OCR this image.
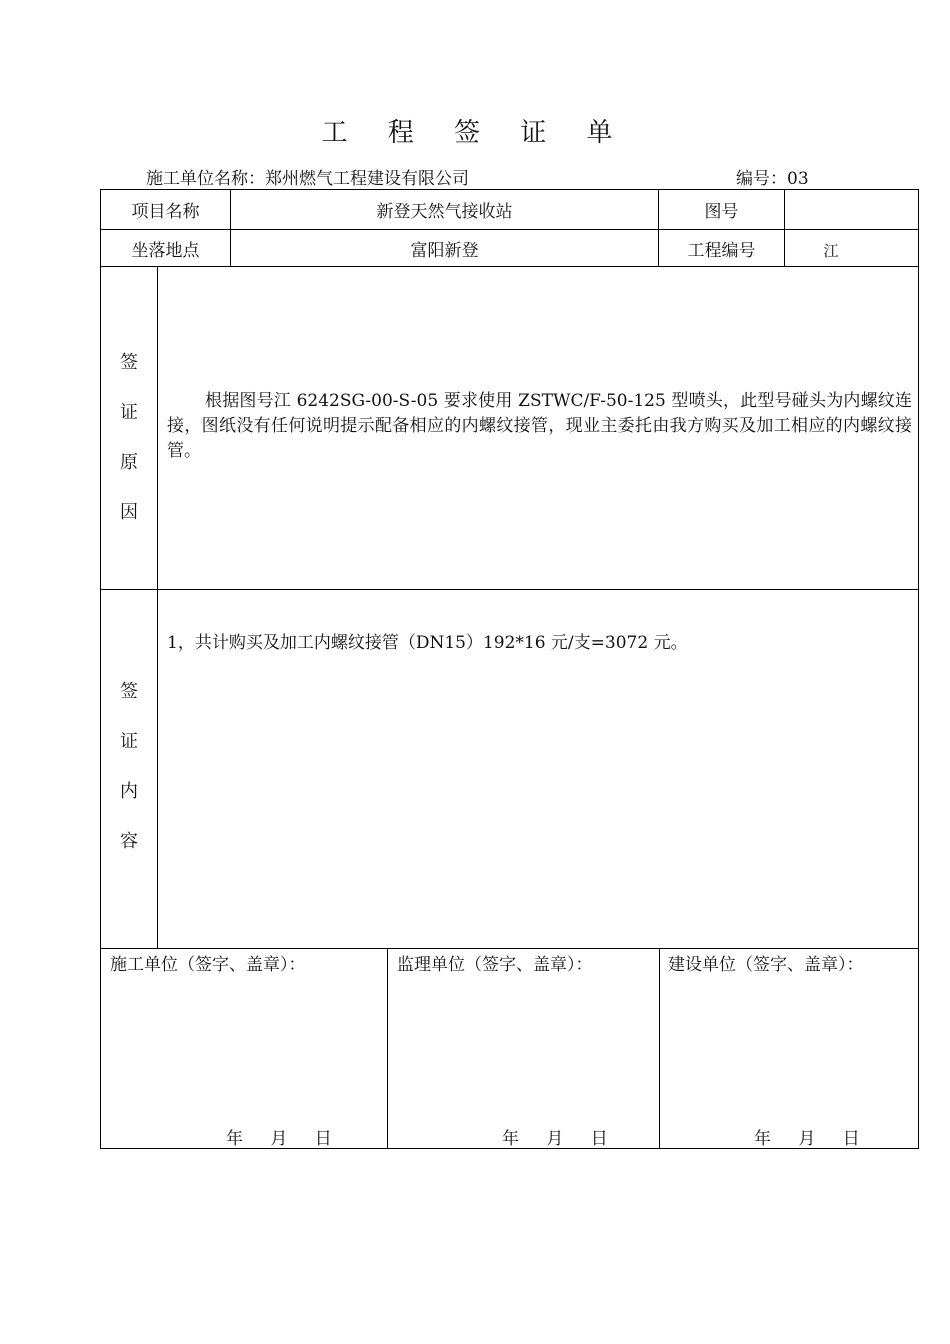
工 程 签 证 单
施工单位名称：郑州燃气工程建设有限公司	编号：03
项目名称	新登天然气接收站	图号
坐落地点	富阳新登	工程编号	江
签
证
原
因
根据图号江 6242SG-00-S-05 要求使用 ZSTWC/F-50-125 型喷头，此型号碰头为内螺纹连接，图纸没有任何说明提示配备相应的内螺纹接管，现业主委托由我方购买及加工相应的内螺纹接管。
签
证
内
容
1，共计购买及加工内螺纹接管（DN15）192*16 元/支=3072 元。
施工单位（签字、盖章）：	监理单位（签字、盖章）：	建设单位（签字、盖章）：
年 月 日	年 月 日	年 月 日
